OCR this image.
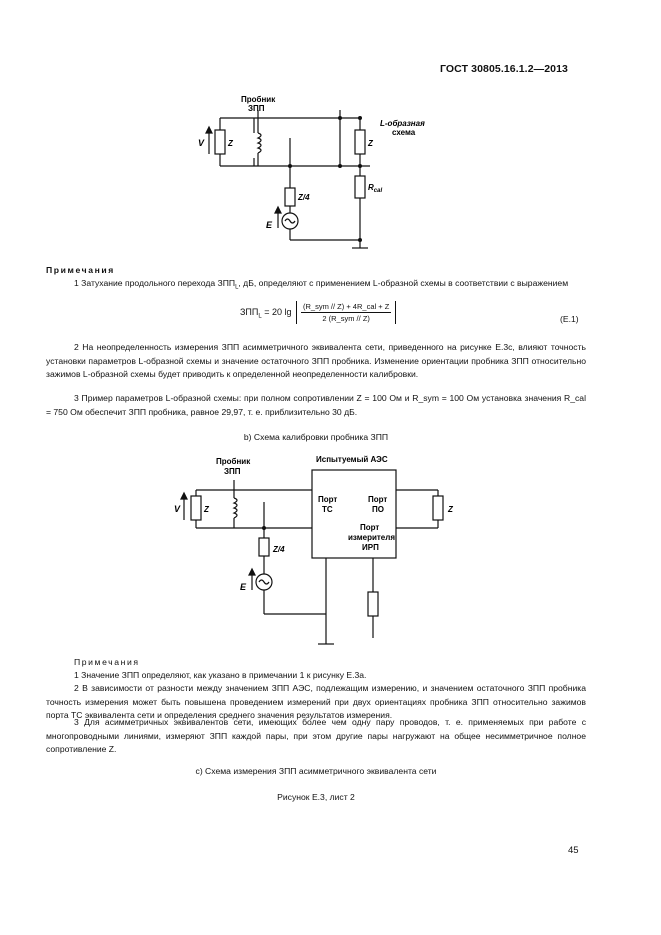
ГОСТ 30805.16.1.2—2013
Пробник
ЗПП
L-образная
схема
V	Z	Z
Z/4
E
$R_{cal}$
Примечания
1 Затухание продольного перехода $ЗПП_L$, дБ, определяют с применением L-образной схемы в соответствии с выражением
$ЗПП_L = 20$ $\lg \frac{\text{(R\_sym // Z) + 4R\_cal + Z}}{\text{2 (R\_sym // Z)}}$	(E.1)
2 На неопределенность измерения ЗПП асимметричного эквивалента сети, приведенного на рисунке E.3c, влияют точность установки параметров L-образной схемы и значение остаточного ЗПП пробника. Изменение ориентации пробника ЗПП относительно зажимов L-образной схемы будет приводить к определенной неопределенности калибровки.
3 Пример параметров L-образной схемы: при полном сопротивлении Z = 100 Ом и R_sym = 100 Ом установка значения R_cal = 750 Ом обеспечит ЗПП пробника, равное 29,97, т. е. приблизительно 30 дБ.
b) Схема калибровки пробника ЗПП
Пробник
ЗПП
Испытуемый АЭС
Порт
ТС
Порт
ПО
Порт
измерителя
ИРП
V	Z	Z
Z/4
E
Примечания
1 Значение ЗПП определяют, как указано в примечании 1 к рисунку E.3a.
2 В зависимости от разности между значением ЗПП АЭС, подлежащим измерению, и значением остаточного ЗПП пробника точность измерения может быть повышена проведением измерений при двух ориентациях пробника ЗПП относительно зажимов порта ТС эквивалента сети и определения среднего значения результатов измерения.
3 Для асимметричных эквивалентов сети, имеющих более чем одну пару проводов, т. е. применяемых при работе с многопроводными линиями, измеряют ЗПП каждой пары, при этом другие пары нагружают на общее несимметричное полное сопротивление Z.
c) Схема измерения ЗПП асимметричного эквивалента сети
Рисунок E.3, лист 2
45
